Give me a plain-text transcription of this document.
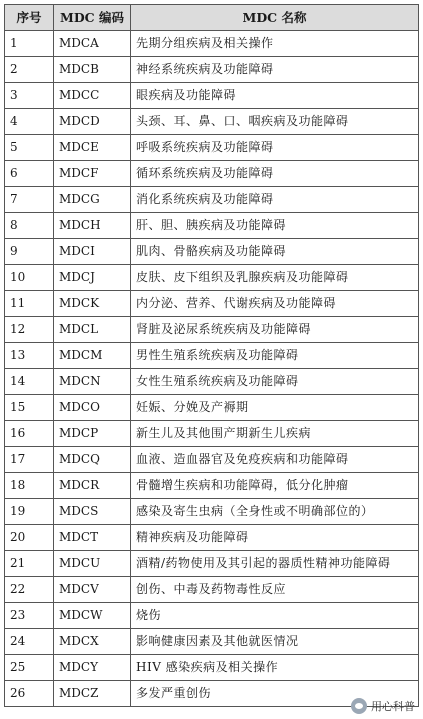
序号	MDC 编码	MDC 名称
1	MDCA	先期分组疾病及相关操作
2	MDCB	神经系统疾病及功能障碍
3	MDCC	眼疾病及功能障碍
4	MDCD	头颈、耳、鼻、口、咽疾病及功能障碍
5	MDCE	呼吸系统疾病及功能障碍
6	MDCF	循环系统疾病及功能障碍
7	MDCG	消化系统疾病及功能障碍
8	MDCH	肝、胆、胰疾病及功能障碍
9	MDCI	肌肉、骨骼疾病及功能障碍
10	MDCJ	皮肤、皮下组织及乳腺疾病及功能障碍
11	MDCK	内分泌、营养、代谢疾病及功能障碍
12	MDCL	肾脏及泌尿系统疾病及功能障碍
13	MDCM	男性生殖系统疾病及功能障碍
14	MDCN	女性生殖系统疾病及功能障碍
15	MDCO	妊娠、分娩及产褥期
16	MDCP	新生儿及其他围产期新生儿疾病
17	MDCQ	血液、造血器官及免疫疾病和功能障碍
18	MDCR	骨髓增生疾病和功能障碍，低分化肿瘤
19	MDCS	感染及寄生虫病（全身性或不明确部位的）
20	MDCT	精神疾病及功能障碍
21	MDCU	酒精/药物使用及其引起的器质性精神功能障碍
22	MDCV	创伤、中毒及药物毒性反应
23	MDCW	烧伤
24	MDCX	影响健康因素及其他就医情况
25	MDCY	HIV 感染疾病及相关操作
26	MDCZ	多发严重创伤
用心科普
